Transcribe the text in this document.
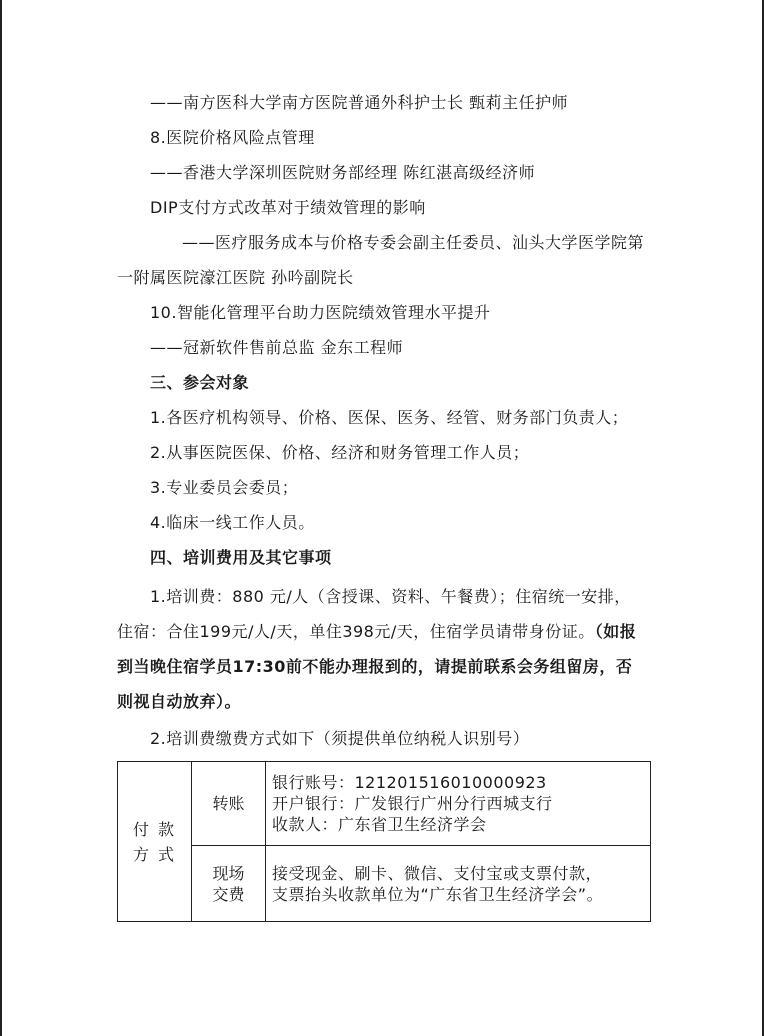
——南方医科大学南方医院普通外科护士长 甄莉主任护师
8.医院价格风险点管理
——香港大学深圳医院财务部经理 陈红湛高级经济师
DIP支付方式改革对于绩效管理的影响
——医疗服务成本与价格专委会副主任委员、汕头大学医学院第
一附属医院濠江医院 孙吟副院长
10.智能化管理平台助力医院绩效管理水平提升
——冠新软件售前总监 金东工程师
三、参会对象
1.各医疗机构领导、价格、医保、医务、经管、财务部门负责人；
2.从事医院医保、价格、经济和财务管理工作人员；
3.专业委员会委员；
4.临床一线工作人员。
四、培训费用及其它事项
1.培训费：880 元/人（含授课、资料、午餐费）；住宿统一安排，
住宿：合住199元/人/天，单住398元/天，住宿学员请带身份证。（如报
到当晚住宿学员17:30前不能办理报到的，请提前联系会务组留房，否
则视自动放弃）。
2.培训费缴费方式如下（须提供单位纳税人识别号）
付 款
方 式	转账	银行账号：121201516010000923
开户银行：广发银行广州分行西城支行
收款人：广东省卫生经济学会

	现场
交费	接受现金、刷卡、微信、支付宝或支票付款，
支票抬头收款单位为“广东省卫生经济学会”。
